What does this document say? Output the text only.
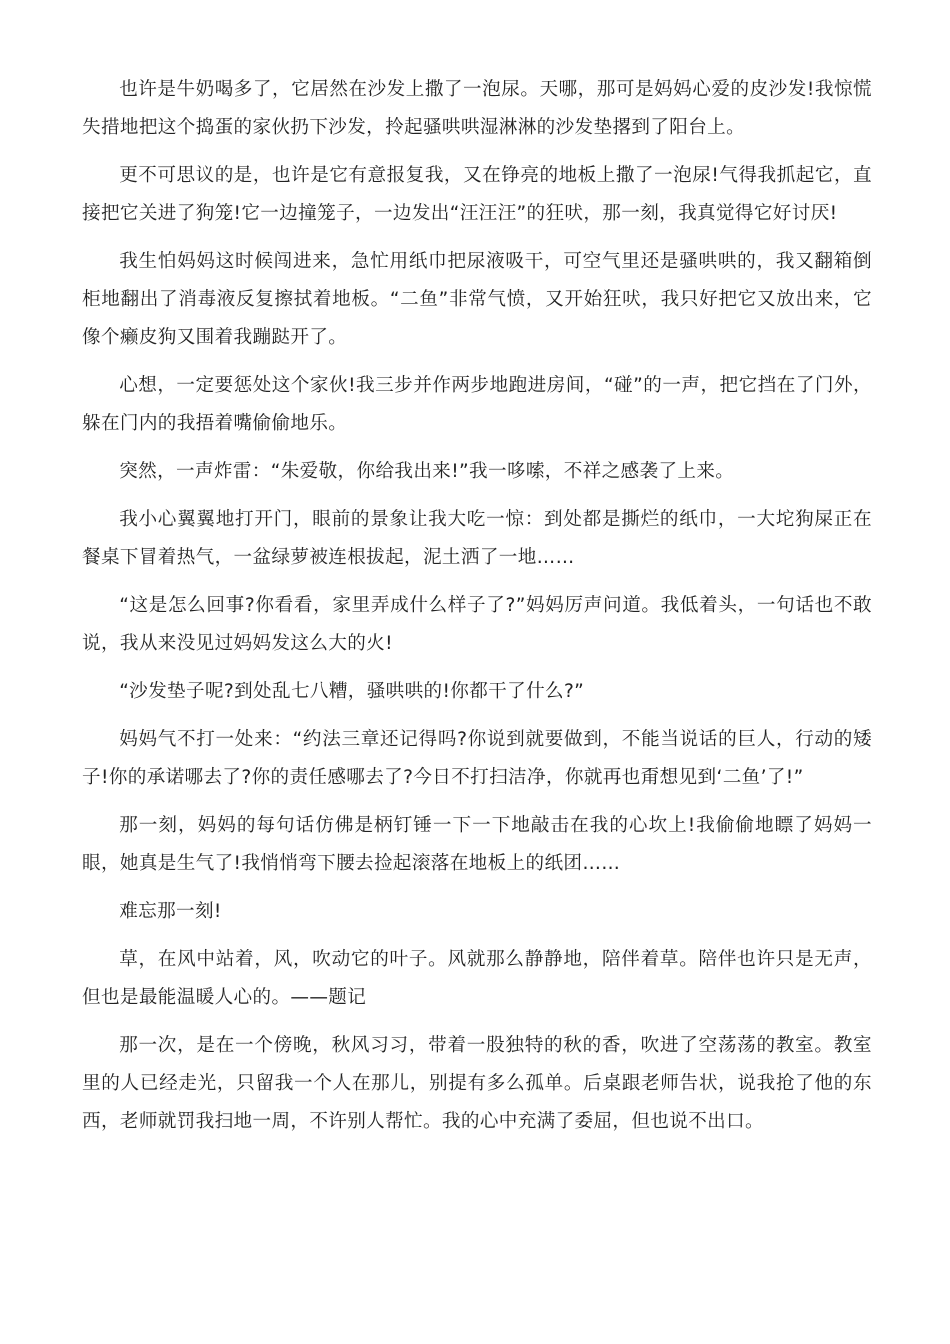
也许是牛奶喝多了，它居然在沙发上撒了一泡尿。天哪，那可是妈妈心爱的皮沙发!我惊慌失措地把这个捣蛋的家伙扔下沙发，拎起骚哄哄湿淋淋的沙发垫撂到了阳台上。

更不可思议的是，也许是它有意报复我，又在铮亮的地板上撒了一泡尿!气得我抓起它，直接把它关进了狗笼!它一边撞笼子，一边发出“汪汪汪”的狂吠，那一刻，我真觉得它好讨厌!

我生怕妈妈这时候闯进来，急忙用纸巾把尿液吸干，可空气里还是骚哄哄的，我又翻箱倒柜地翻出了消毒液反复擦拭着地板。“二鱼”非常气愤，又开始狂吠，我只好把它又放出来，它像个癞皮狗又围着我蹦跶开了。

心想，一定要惩处这个家伙!我三步并作两步地跑进房间，“碰”的一声，把它挡在了门外，躲在门内的我捂着嘴偷偷地乐。

突然，一声炸雷：“朱爱敬，你给我出来!”我一哆嗦，不祥之感袭了上来。

我小心翼翼地打开门，眼前的景象让我大吃一惊：到处都是撕烂的纸巾，一大坨狗屎正在餐桌下冒着热气，一盆绿萝被连根拔起，泥土洒了一地……

“这是怎么回事?你看看，家里弄成什么样子了?”妈妈厉声问道。我低着头，一句话也不敢说，我从来没见过妈妈发这么大的火!

“沙发垫子呢?到处乱七八糟，骚哄哄的!你都干了什么?”

妈妈气不打一处来：“约法三章还记得吗?你说到就要做到，不能当说话的巨人，行动的矮子!你的承诺哪去了?你的责任感哪去了?今日不打扫洁净，你就再也甭想见到‘二鱼’了!”

那一刻，妈妈的每句话仿佛是柄钉锤一下一下地敲击在我的心坎上!我偷偷地瞟了妈妈一眼，她真是生气了!我悄悄弯下腰去捡起滚落在地板上的纸团……

难忘那一刻!

草，在风中站着，风，吹动它的叶子。风就那么静静地，陪伴着草。陪伴也许只是无声，但也是最能温暖人心的。——题记

那一次，是在一个傍晚，秋风习习，带着一股独特的秋的香，吹进了空荡荡的教室。教室里的人已经走光，只留我一个人在那儿，别提有多么孤单。后桌跟老师告状，说我抢了他的东西，老师就罚我扫地一周，不许别人帮忙。我的心中充满了委屈，但也说不出口。
